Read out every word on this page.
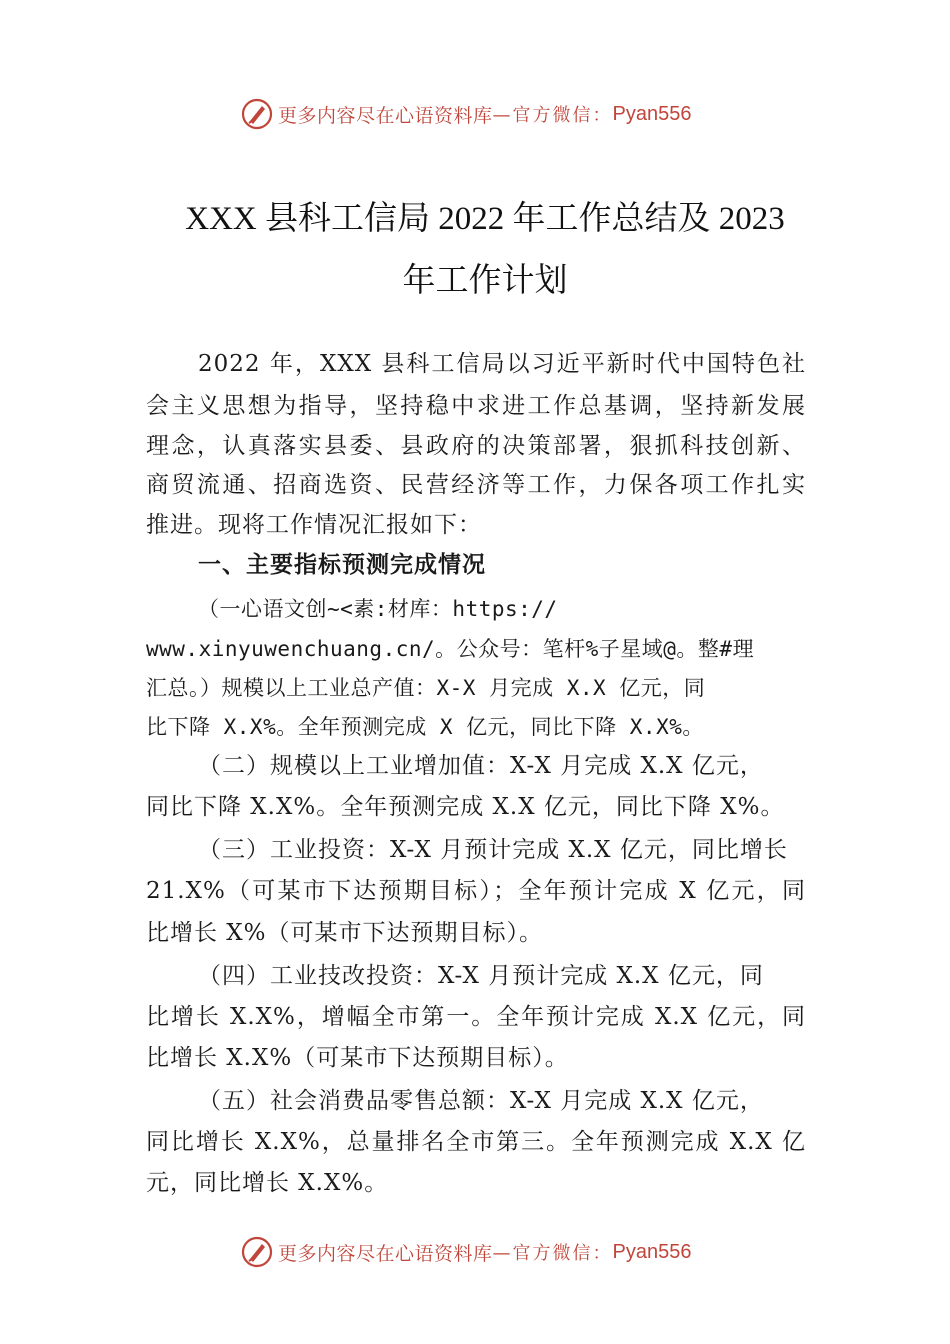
更多内容尽在心语资料库 —官方微信： Pyan556
XXX 县科工信局 2022 年工作总结及 2023
年工作计划
2022 年，XXX 县科工信局以习近平新时代中国特色社
会主义思想为指导，坚持稳中求进工作总基调，坚持新发展
理念，认真落实县委、县政府的决策部署，狠抓科技创新、
商贸流通、招商选资、民营经济等工作，力保各项工作扎实
推进。现将工作情况汇报如下：
一、主要指标预测完成情况
（一心语文创~<素:材库：https://
www.xinyuwenchuang.cn/。公众号：笔杆%子星域@。整#理
汇总。）规模以上工业总产值：X-X 月完成 X.X 亿元，同
比下降 X.X%。全年预测完成 X 亿元，同比下降 X.X%。
（二）规模以上工业增加值：X-X 月完成 X.X 亿元，
同比下降 X.X%。全年预测完成 X.X 亿元，同比下降 X%。
（三）工业投资：X-X 月预计完成 X.X 亿元，同比增长
21.X%（可某市下达预期目标）；全年预计完成 X 亿元，同
比增长 X%（可某市下达预期目标）。
（四）工业技改投资：X-X 月预计完成 X.X 亿元，同
比增长 X.X%，增幅全市第一。全年预计完成 X.X 亿元，同
比增长 X.X%（可某市下达预期目标）。
（五）社会消费品零售总额：X-X 月完成 X.X 亿元，
同比增长 X.X%，总量排名全市第三。全年预测完成 X.X 亿
元，同比增长 X.X%。
更多内容尽在心语资料库 —官方微信： Pyan556
